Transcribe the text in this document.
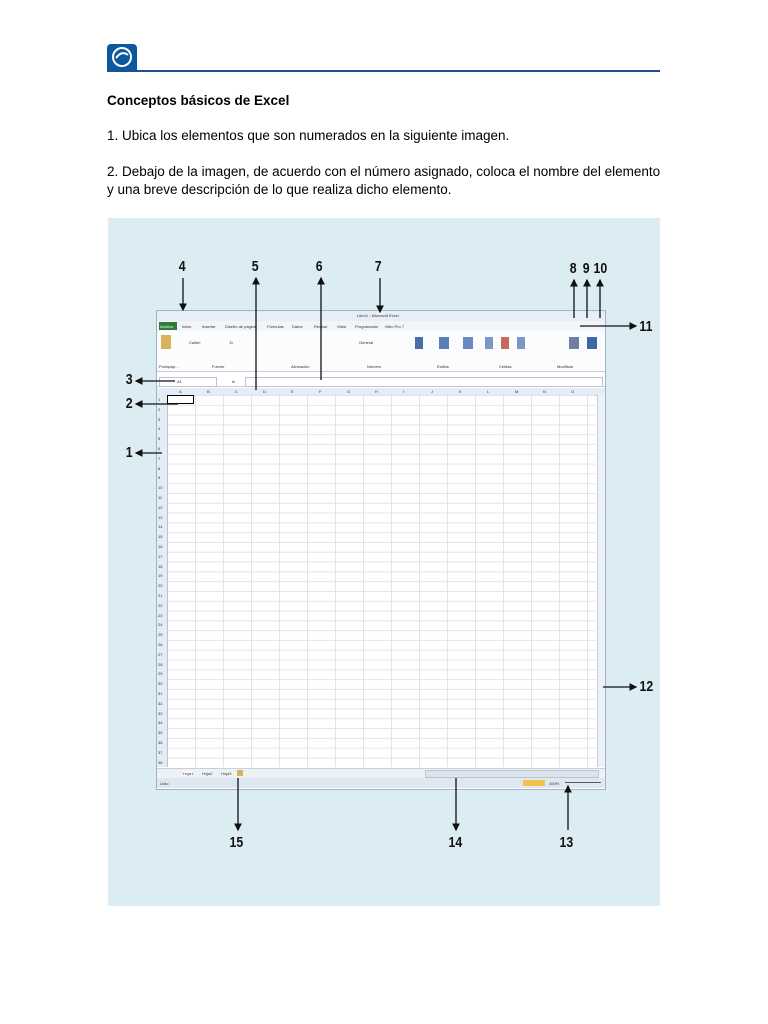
Conceptos básicos de Excel
1. Ubica los elementos que son numerados en la siguiente imagen.
2. Debajo de la imagen, de acuerdo con el número asignado, coloca el nombre del elemento y una breve descripción de lo que realiza dicho elemento.

Libro1 - Microsoft Excel

Archivo Inicio	Insertar Diseño de página	Fórmulas Datos	Revisar Vista Programador Nitro Pro 7
Calibri	11	General
Portapap...	Fuente	Alineación	Número	Estilos	Celdas	Modificar
A1	fx
A	B	C	D	E	F	G	H	I	J	K	L	M	N	O
Hoja1 Hoja2 Hoja3
Listo	100%
1
2
3
4
5
6
7
8
9
10
11
12
13
14
15
16
17
18
19
20
21
22
23
24
25
26
27
28
29
30
31
32
33
34
35
36
37
38
4	5	6	7	8 9 10
11
3
2
1
12
15	14	13
